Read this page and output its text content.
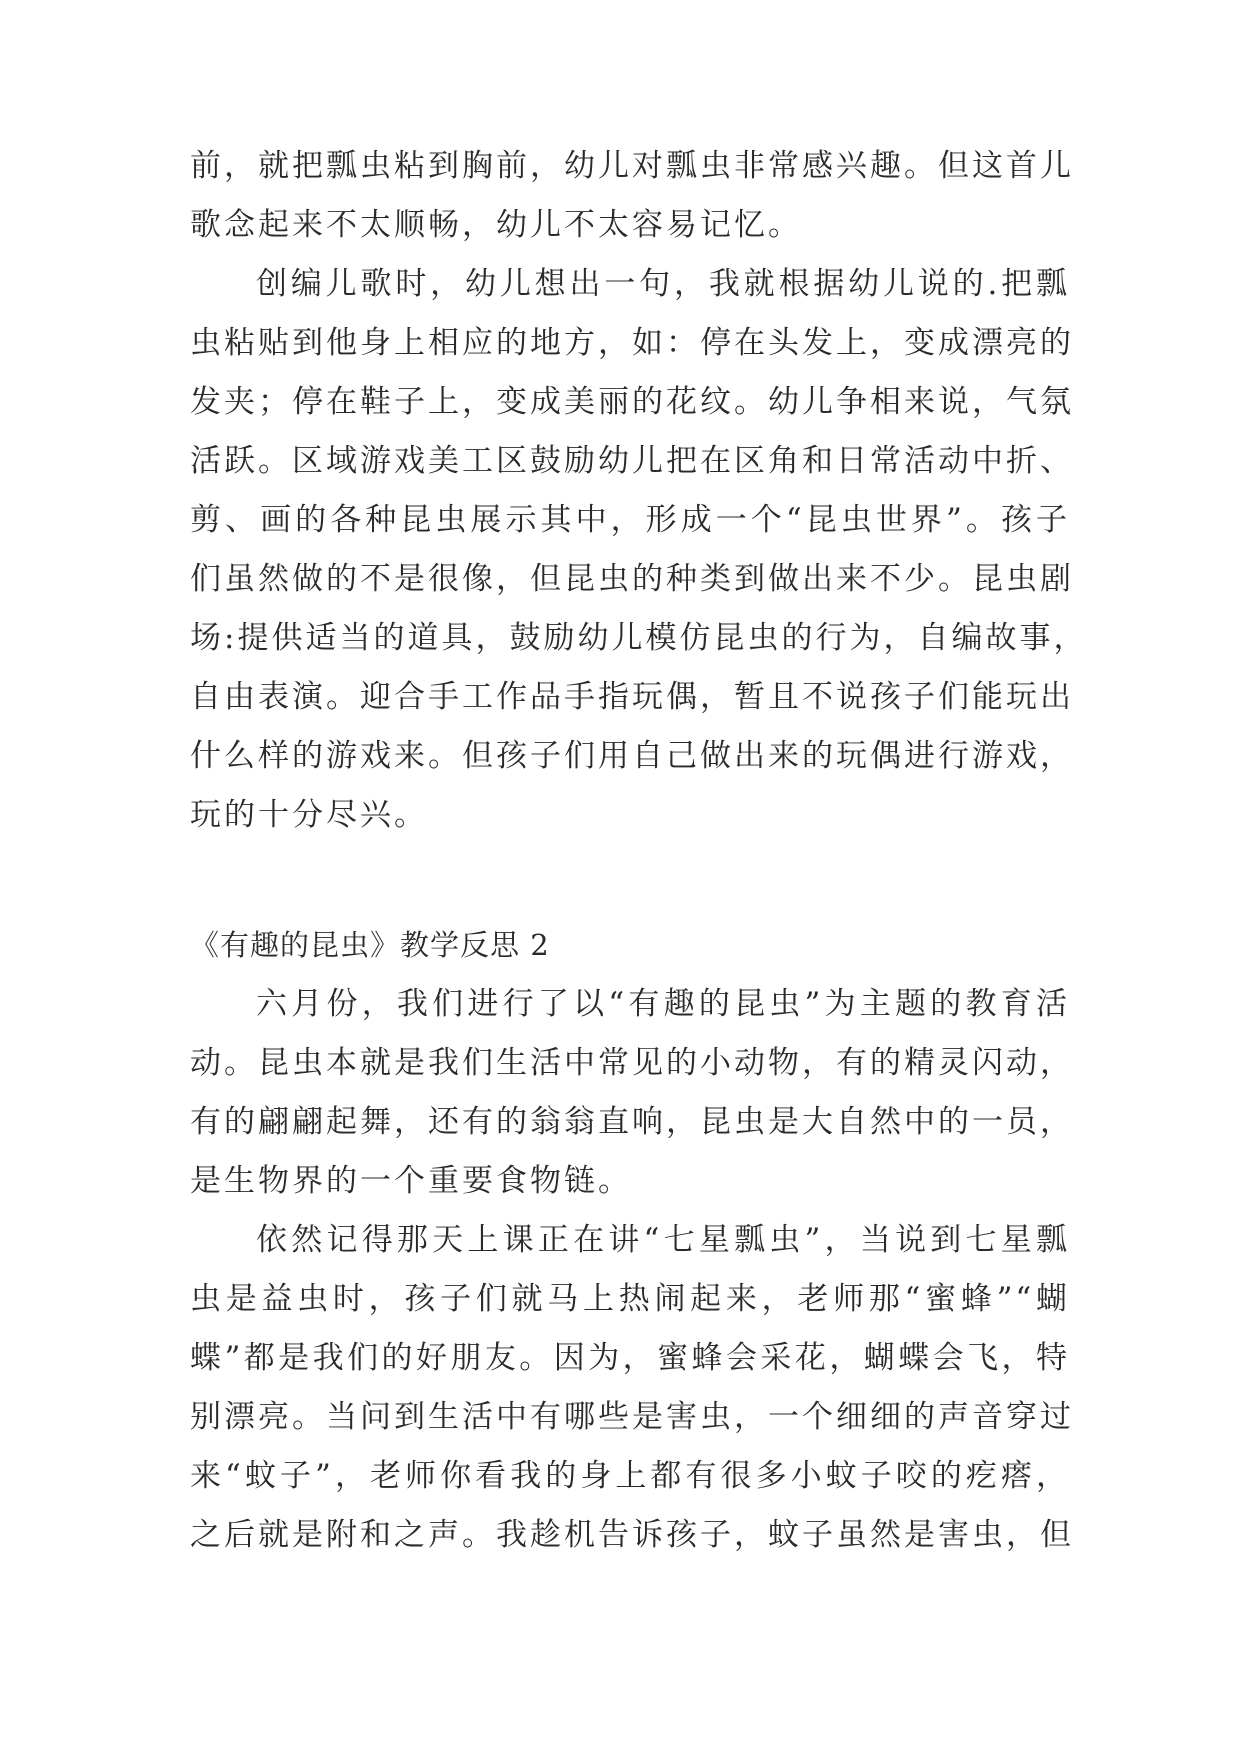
前，就把瓢虫粘到胸前，幼儿对瓢虫非常感兴趣。但这首儿
歌念起来不太顺畅，幼儿不太容易记忆。
创编儿歌时，幼儿想出一句，我就根据幼儿说的.把瓢
虫粘贴到他身上相应的地方，如：停在头发上，变成漂亮的
发夹；停在鞋子上，变成美丽的花纹。幼儿争相来说，气氛
活跃。区域游戏美工区鼓励幼儿把在区角和日常活动中折、
剪、画的各种昆虫展示其中，形成一个“昆虫世界”。孩子
们虽然做的不是很像，但昆虫的种类到做出来不少。昆虫剧
场:提供适当的道具，鼓励幼儿模仿昆虫的行为，自编故事，
自由表演。迎合手工作品手指玩偶，暂且不说孩子们能玩出
什么样的游戏来。但孩子们用自己做出来的玩偶进行游戏，
玩的十分尽兴。
《有趣的昆虫》教学反思 2
六月份，我们进行了以“有趣的昆虫”为主题的教育活
动。昆虫本就是我们生活中常见的小动物，有的精灵闪动，
有的翩翩起舞，还有的翁翁直响，昆虫是大自然中的一员，
是生物界的一个重要食物链。
依然记得那天上课正在讲“七星瓢虫”，当说到七星瓢
虫是益虫时，孩子们就马上热闹起来，老师那“蜜蜂”“蝴
蝶”都是我们的好朋友。因为，蜜蜂会采花，蝴蝶会飞，特
别漂亮。当问到生活中有哪些是害虫，一个细细的声音穿过
来“蚊子”，老师你看我的身上都有很多小蚊子咬的疙瘩，
之后就是附和之声。我趁机告诉孩子，蚊子虽然是害虫，但
